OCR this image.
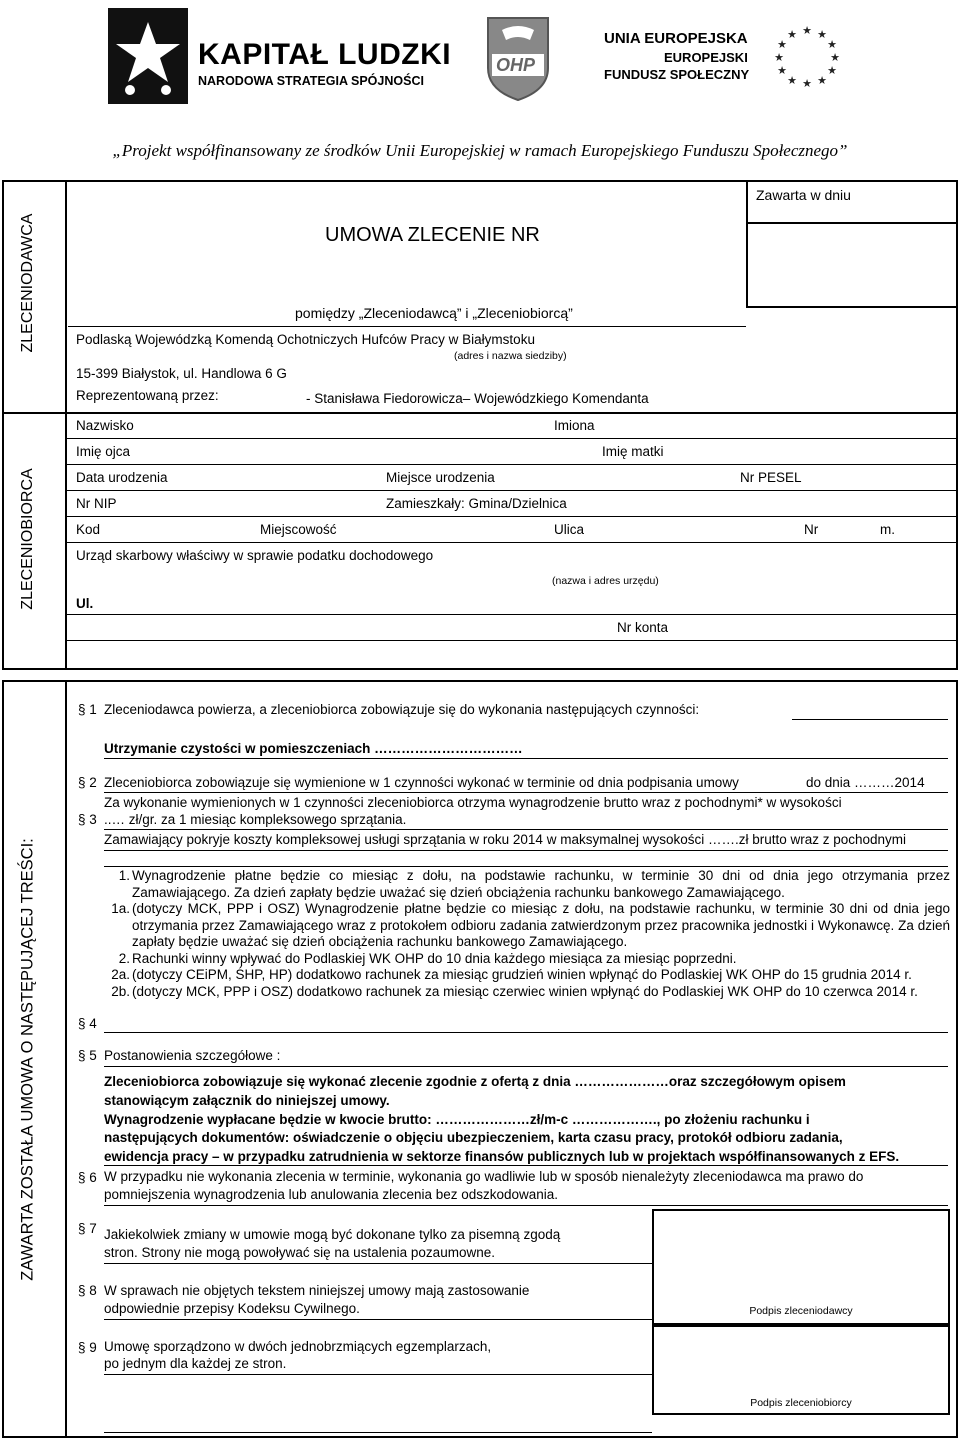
KAPITAŁ LUDZKI
NARODOWA STRATEGIA SPÓJNOŚCI
OHP
UNIA EUROPEJSKA
EUROPEJSKI
FUNDUSZ SPOŁECZNY
★ ★
★
★
★
★
★
★
★
★
★
★
„Projekt współfinansowany ze środków Unii Europejskiej w ramach Europejskiego Funduszu Społecznego”
Zawarta w dniu
UMOWA ZLECENIE NR
pomiędzy „Zleceniodawcą” i „Zleceniobiorcą”
Podlaską Wojewódzką Komendą Ochotniczych Hufców Pracy w Białymstoku
(adres i nazwa siedziby)
15-399 Białystok, ul. Handlowa 6 G
Reprezentowaną przez:	- Stanisława Fiedorowicza– Wojewódzkiego Komendanta
ZLECENIODAWCA
ZLECENIOBIORCA
Nazwisko	Imiona
Imię ojca	Imię matki
Data urodzenia	Miejsce urodzenia	Nr PESEL
Nr NIP	Zamieszkały: Gmina/Dzielnica
Kod	Miejscowość	Ulica	Nr	m.
Urząd skarbowy właściwy w sprawie podatku dochodowego
(nazwa i adres urzędu)
Ul.
Nr konta
ZAWARTA ZOSTAŁA UMOWA O NASTĘPUJĄCEJ TREŚCI:
§ 1 Zleceniodawca powierza, a zleceniobiorca zobowiązuje się do wykonania następujących czynności:
Utrzymanie czystości w pomieszczeniach ……………………………
§ 2 Zleceniobiorca zobowiązuje się wymienione w 1 czynności wykonać w terminie od dnia podpisania umowy	do dnia ………2014
§ 3
Za wykonanie wymienionych w 1 czynności zleceniobiorca otrzyma wynagrodzenie brutto wraz z pochodnymi* w wysokości
..… zł/gr. za 1 miesiąc kompleksowego sprzątania.
Zamawiający pokryje koszty kompleksowej usługi sprzątania w roku 2014 w maksymalnej wysokości …….zł brutto wraz z pochodnymi
§ 4
1. Wynagrodzenie płatne będzie co miesiąc z dołu, na podstawie rachunku, w terminie 30 dni od dnia jego otrzymania przez Zamawiającego. Za dzień zapłaty będzie uważać się dzień obciążenia rachunku bankowego Zamawiającego.
1a. (dotyczy MCK, PPP i OSZ) Wynagrodzenie płatne będzie co miesiąc z dołu, na podstawie rachunku, w terminie 30 dni od dnia jego otrzymania przez Zamawiającego wraz z protokołem odbioru zadania zatwierdzonym przez pracownika jednostki i Wykonawcę. Za dzień zapłaty będzie uważać się dzień obciążenia rachunku bankowego Zamawiającego.
2. Rachunki winny wpływać do Podlaskiej WK OHP do 10 dnia każdego miesiąca za miesiąc poprzedni.
2a. (dotyczy CEiPM, ŚHP, HP) dodatkowo rachunek za miesiąc grudzień winien wpłynąć do Podlaskiej WK OHP do 15 grudnia 2014 r.
2b. (dotyczy MCK, PPP i OSZ) dodatkowo rachunek za miesiąc czerwiec winien wpłynąć do Podlaskiej WK OHP do 10 czerwca 2014 r.
§ 5 Postanowienia szczegółowe :
Zleceniobiorca zobowiązuje się wykonać zlecenie zgodnie z ofertą z dnia …………………oraz szczegółowym opisem
stanowiącym załącznik do niniejszej umowy.
Wynagrodzenie wypłacane będzie w kwocie brutto: …………………zł/m-c ………………., po złożeniu rachunku i
następujących dokumentów: oświadczenie o objęciu ubezpieczeniem, karta czasu pracy, protokół odbioru zadania,
ewidencja pracy – w przypadku zatrudnienia w sektorze finansów publicznych lub w projektach współfinansowanych z EFS.
§ 6 W przypadku nie wykonania zlecenia w terminie, wykonania go wadliwie lub w sposób nienależyty zleceniodawca ma prawo do
pomniejszenia wynagrodzenia lub anulowania zlecenia bez odszkodowania.
§ 7 Jakiekolwiek zmiany w umowie mogą być dokonane tylko za pisemną zgodą
stron. Strony nie mogą powoływać się na ustalenia pozaumowne.
§ 8 W sprawach nie objętych tekstem niniejszej umowy mają zastosowanie
odpowiednie przepisy Kodeksu Cywilnego.
§ 9 Umowę sporządzono w dwóch jednobrzmiących egzemplarzach,
po jednym dla każdej ze stron.
Podpis zleceniodawcy
Podpis zleceniobiorcy
